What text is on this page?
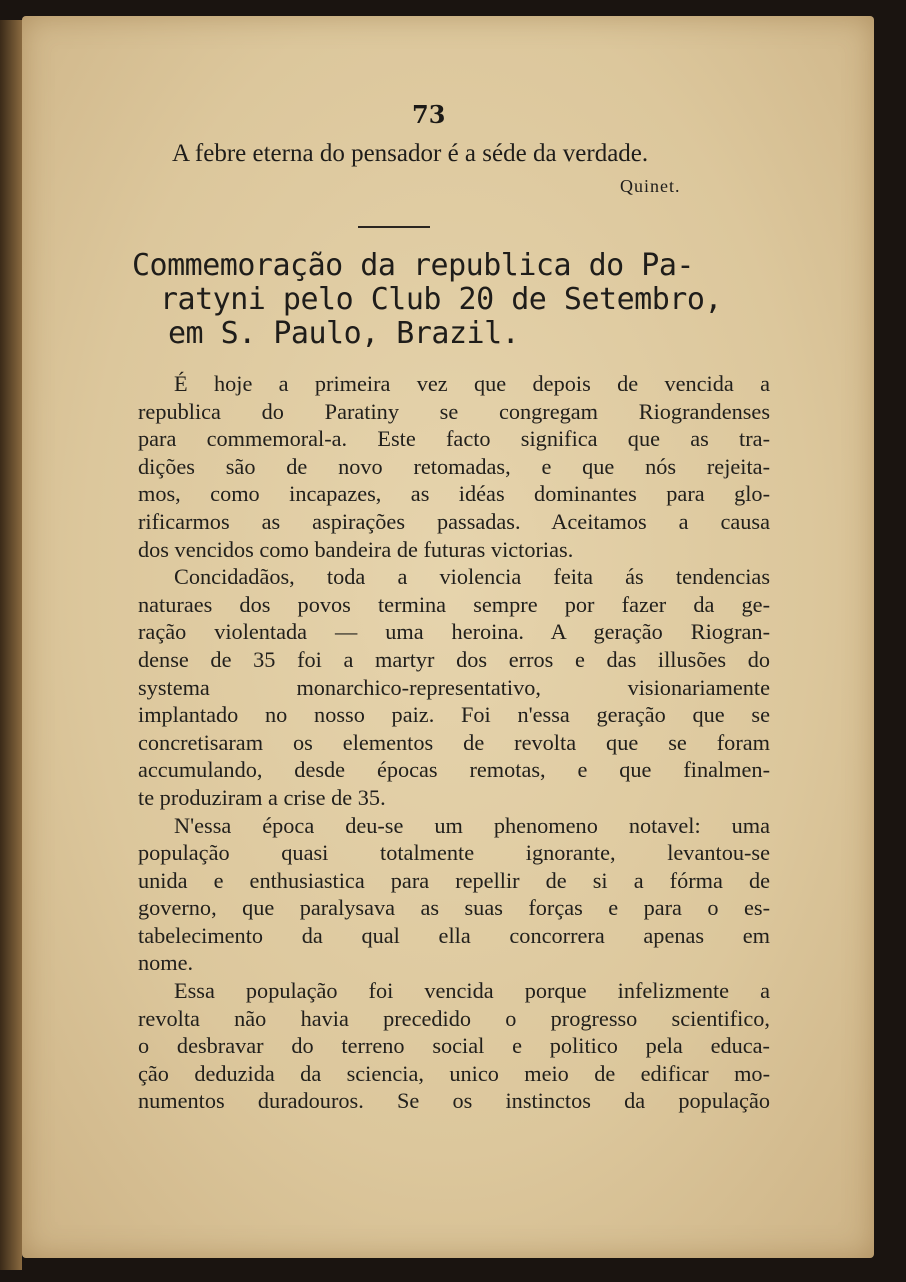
73
A febre eterna do pensador é a séde da verdade.
Quinet.
Commemoração da republica do Pa-
ratyni pelo Club 20 de Setembro,
em S. Paulo, Brazil.
É hoje a primeira vez que depois de vencida a
republica do Paratiny se congregam Riograndenses
para commemoral-a. Este facto significa que as tra-
dições são de novo retomadas, e que nós rejeita-
mos, como incapazes, as idéas dominantes para glo-
rificarmos as aspirações passadas. Aceitamos a causa
dos vencidos como bandeira de futuras victorias.
Concidadãos, toda a violencia feita ás tendencias
naturaes dos povos termina sempre por fazer da ge-
ração violentada — uma heroina. A geração Riogran-
dense de 35 foi a martyr dos erros e das illusões do
systema monarchico-representativo, visionariamente
implantado no nosso paiz. Foi n'essa geração que se
concretisaram os elementos de revolta que se foram
accumulando, desde épocas remotas, e que finalmen-
te produziram a crise de 35.
N'essa época deu-se um phenomeno notavel: uma
população quasi totalmente ignorante, levantou-se
unida e enthusiastica para repellir de si a fórma de
governo, que paralysava as suas forças e para o es-
tabelecimento da qual ella concorrera apenas em
nome.
Essa população foi vencida porque infelizmente a
revolta não havia precedido o progresso scientifico,
o desbravar do terreno social e politico pela educa-
ção deduzida da sciencia, unico meio de edificar mo-
numentos duradouros. Se os instinctos da população
